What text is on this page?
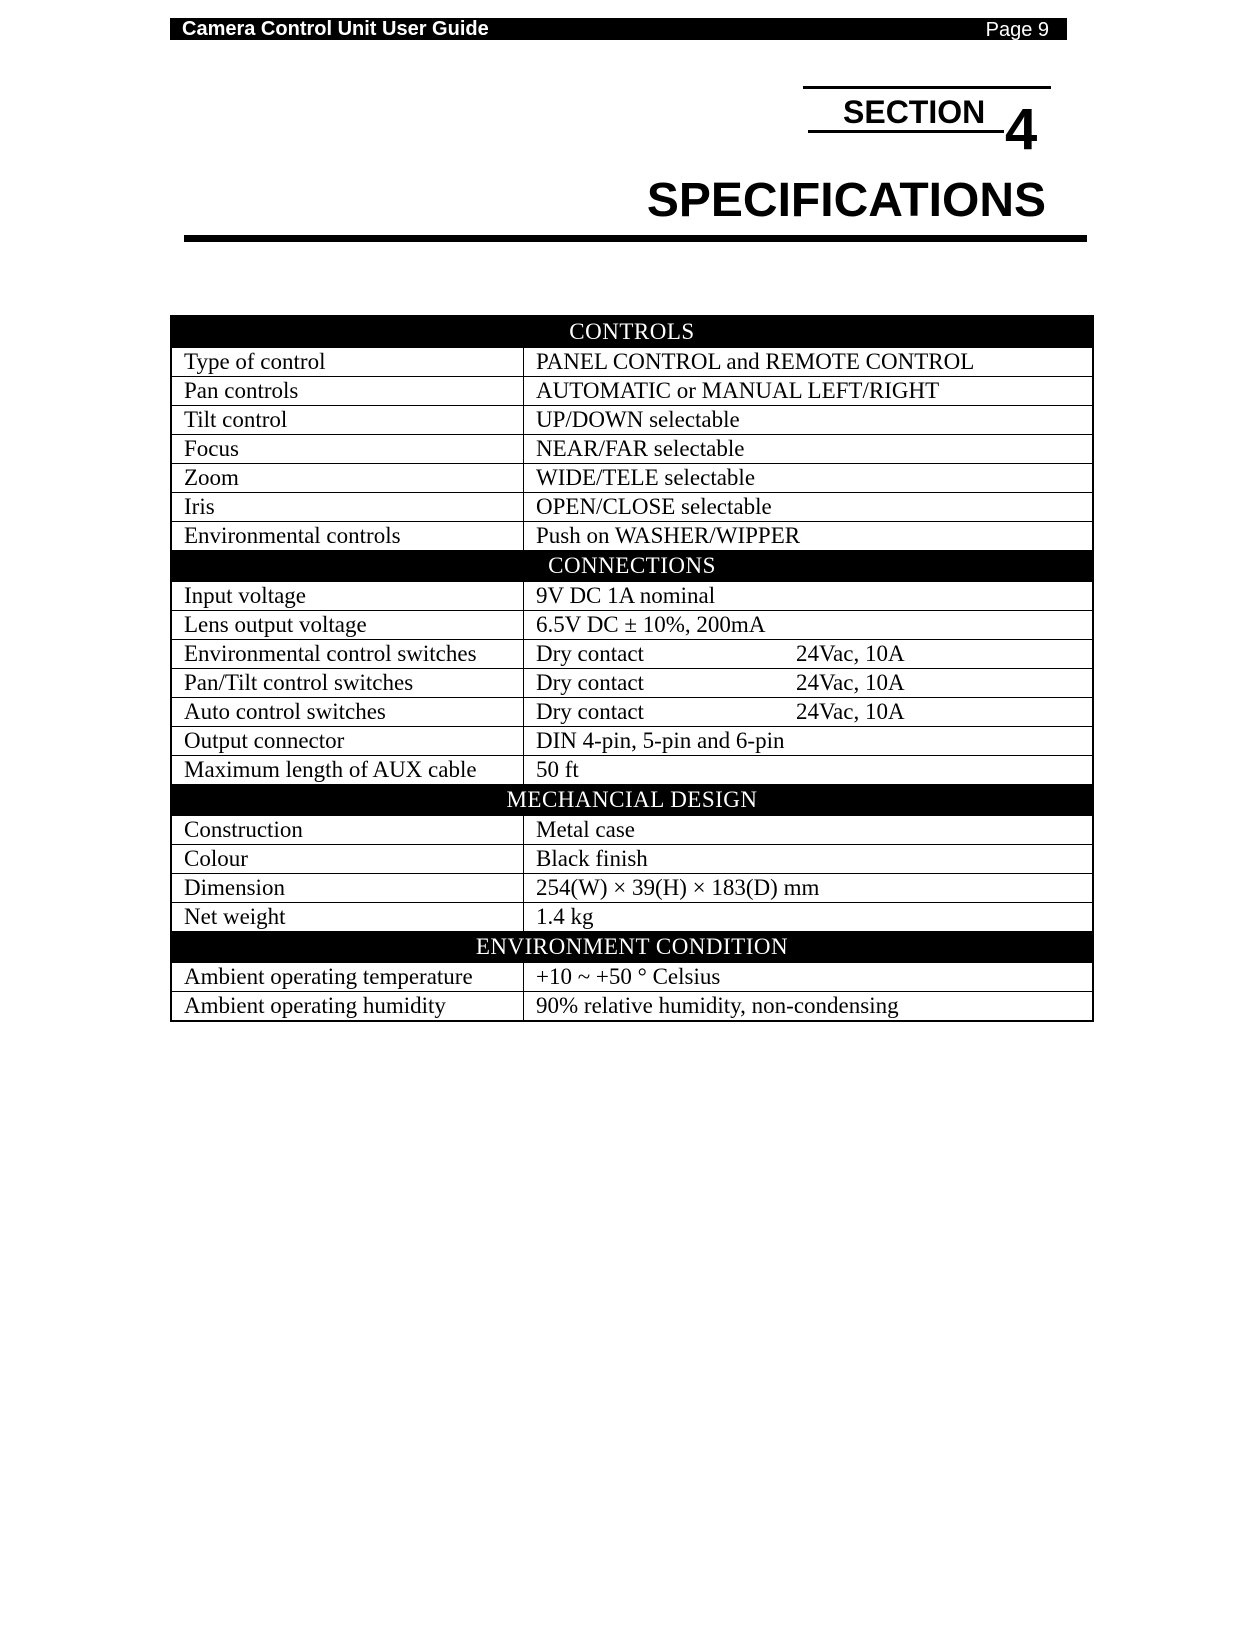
Camera Control Unit User Guide	Page 9
SECTION 4
SPECIFICATIONS
CONTROLS	
Type of control	PANEL CONTROL and REMOTE CONTROL
Pan controls	AUTOMATIC or MANUAL LEFT/RIGHT
Tilt control	UP/DOWN selectable
Focus	NEAR/FAR selectable
Zoom	WIDE/TELE selectable
Iris	OPEN/CLOSE selectable
Environmental controls	Push on WASHER/WIPPER
CONNECTIONS	
Input voltage	9V DC 1A nominal
Lens output voltage	6.5V DC ± 10%, 200mA
Environmental control switches	Dry contact 24Vac, 10A
Pan/Tilt control switches	Dry contact 24Vac, 10A
Auto control switches	Dry contact 24Vac, 10A
Output connector	DIN 4-pin, 5-pin and 6-pin
Maximum length of AUX cable	50 ft
MECHANCIAL DESIGN	
Construction	Metal case
Colour	Black finish
Dimension	254(W) × 39(H) × 183(D) mm
Net weight	1.4 kg
ENVIRONMENT CONDITION	
Ambient operating temperature	+10 ~ +50 ° Celsius
Ambient operating humidity	90% relative humidity, non-condensing
